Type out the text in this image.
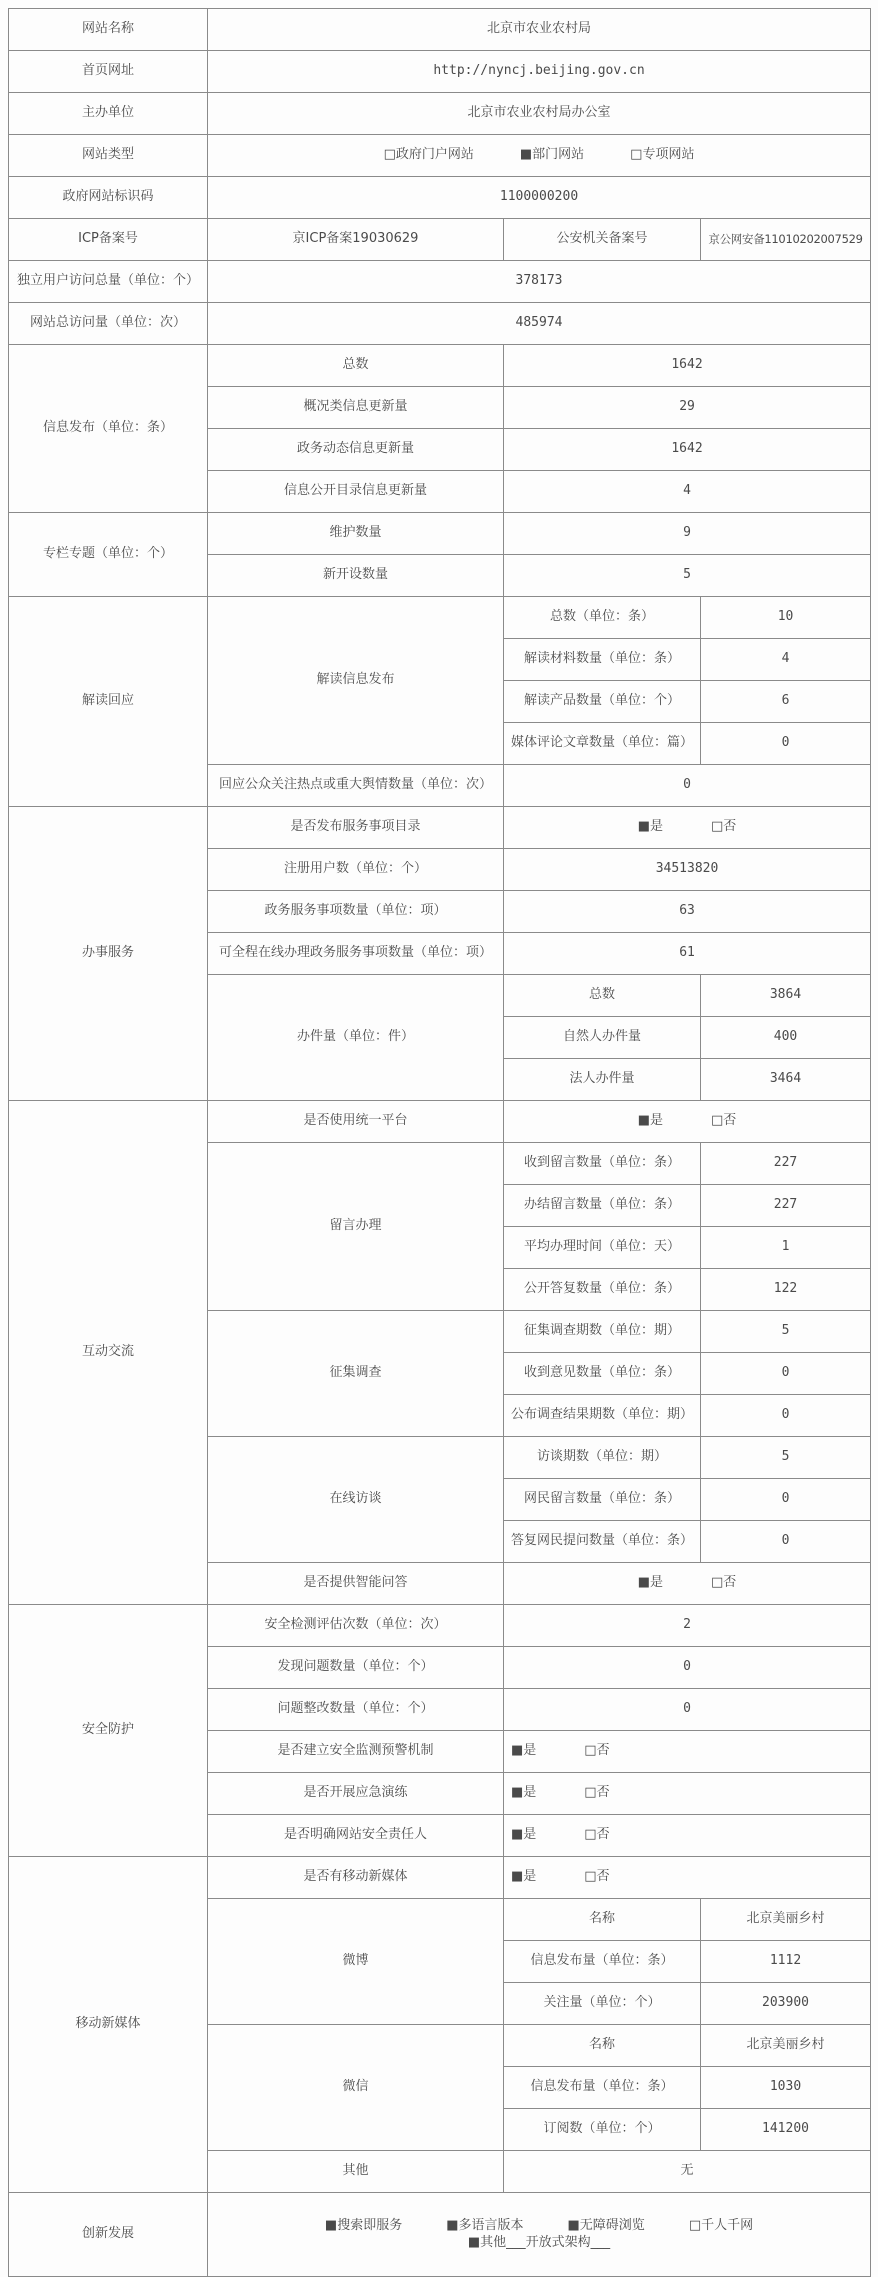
网站名称	北京市农业农村局		
首页网址	http://nyncj.beijing.gov.cn		
主办单位	北京市农业农村局办公室		
网站类型	□政府门户网站 ■部门网站 □专项网站		

政府网站标识码	1100000200		
ICP备案号	京ICP备案19030629	公安机关备案号	京公网安备11010202007529
独立用户访问总量（单位：个）	378173		
网站总访问量（单位：次）	485974		
信息发布（单位：条）	总数	1642	
	概况类信息更新量	29	
	政务动态信息更新量	1642	
	信息公开目录信息更新量	4	
专栏专题（单位：个）	维护数量	9	
	新开设数量	5	
解读回应	解读信息发布	总数（单位：条）	10
		解读材料数量（单位：条）	4
		解读产品数量（单位：个）	6
		媒体评论文章数量（单位：篇）	0
	回应公众关注热点或重大舆情数量（单位：次）	0	
办事服务	是否发布服务事项目录	■是 □否	

	注册用户数（单位：个）	34513820	
	政务服务事项数量（单位：项）	63	
	可全程在线办理政务服务事项数量（单位：项）	61	
	办件量（单位：件）	总数	3864
		自然人办件量	400
		法人办件量	3464
互动交流	是否使用统一平台	■是 □否	

	留言办理	收到留言数量（单位：条）	227
		办结留言数量（单位：条）	227
		平均办理时间（单位：天）	1
		公开答复数量（单位：条）	122
	征集调查	征集调查期数（单位：期）	5
		收到意见数量（单位：条）	0
		公布调查结果期数（单位：期）	0
	在线访谈	访谈期数（单位：期）	5
		网民留言数量（单位：条）	0
		答复网民提问数量（单位：条）	0
	是否提供智能问答	■是 □否	

安全防护	安全检测评估次数（单位：次）	2	
	发现问题数量（单位：个）	0	
	问题整改数量（单位：个）	0	
	是否建立安全监测预警机制	■是 □否	

	是否开展应急演练	■是 □否	

	是否明确网站安全责任人	■是 □否	

移动新媒体	是否有移动新媒体	■是 □否	

	微博	名称	北京美丽乡村
		信息发布量（单位：条）	1112
		关注量（单位：个）	203900
	微信	名称	北京美丽乡村
		信息发布量（单位：条）	1030
		订阅数（单位：个）	141200
	其他	无	
创新发展	■搜索即服务 ■多语言版本 ■无障碍浏览 □千人千网
■其他___开放式架构___		
